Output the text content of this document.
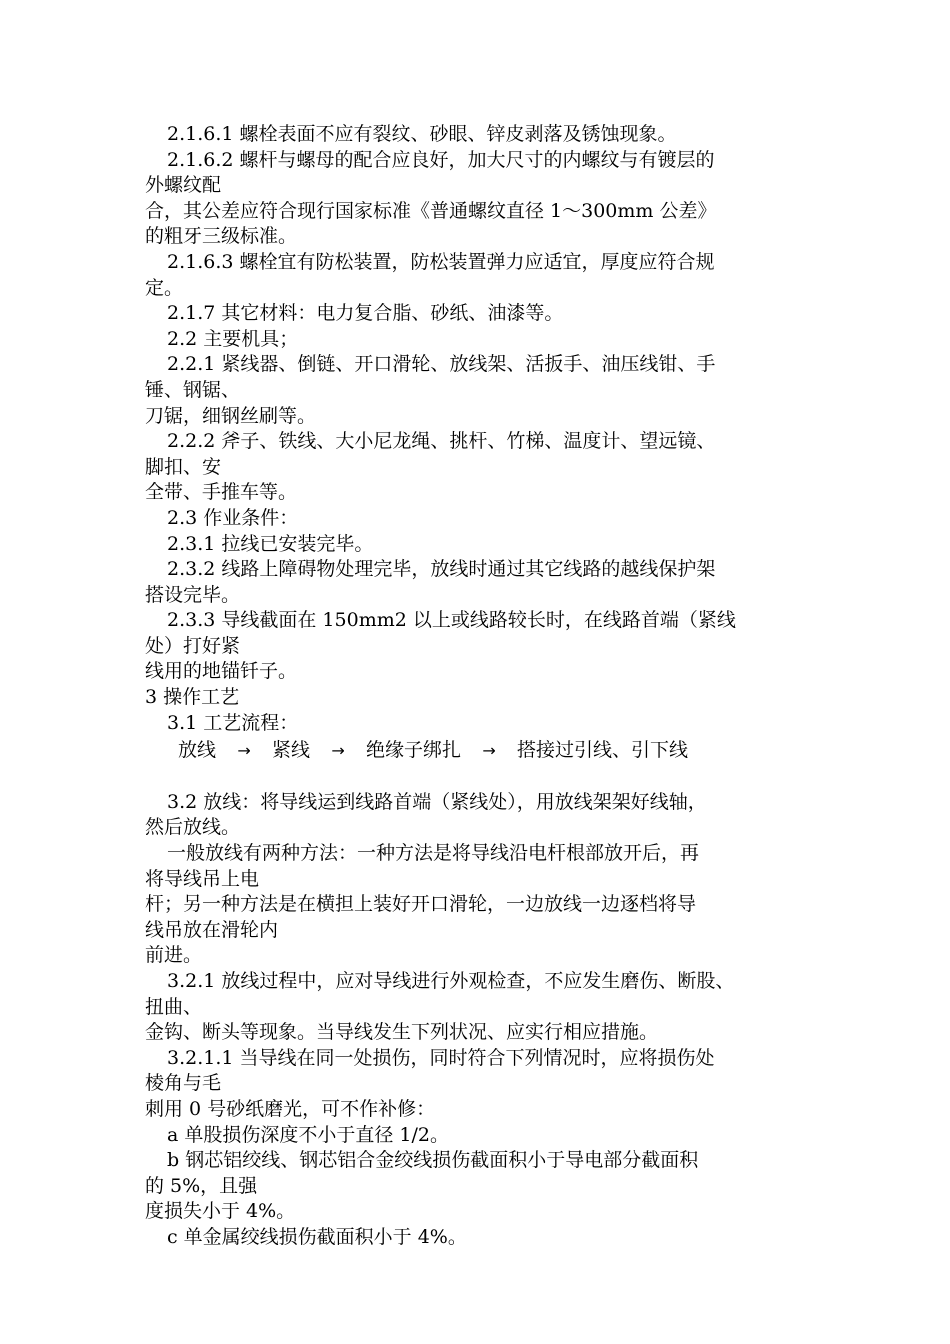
2.1.6.1 螺栓表面不应有裂纹、砂眼、锌皮剥落及锈蚀现象。
2.1.6.2 螺杆与螺母的配合应良好，加大尺寸的内螺纹与有镀层的
外螺纹配
合，其公差应符合现行国家标准《普通螺纹直径 1～300mm 公差》
的粗牙三级标准。
2.1.6.3 螺栓宜有防松装置，防松装置弹力应适宜，厚度应符合规
定。
2.1.7 其它材料：电力复合脂、砂纸、油漆等。
2.2 主要机具；
2.2.1 紧线器、倒链、开口滑轮、放线架、活扳手、油压线钳、手
锤、钢锯、
刀锯，细钢丝刷等。
2.2.2 斧子、铁线、大小尼龙绳、挑杆、竹梯、温度计、望远镜、
脚扣、安
全带、手推车等。
2.3 作业条件：
2.3.1 拉线已安装完毕。
2.3.2 线路上障碍物处理完毕，放线时通过其它线路的越线保护架
搭设完毕。
2.3.3 导线截面在 150mm2 以上或线路较长时，在线路首端（紧线
处）打好紧
线用的地锚钎子。
3 操作工艺
3.1 工艺流程：
放线	→	紧线	→	绝缘子绑扎	→	搭接过引线、引下线
3.2 放线：将导线运到线路首端（紧线处），用放线架架好线轴，
然后放线。
一般放线有两种方法：一种方法是将导线沿电杆根部放开后，再
将导线吊上电
杆；另一种方法是在横担上装好开口滑轮，一边放线一边逐档将导
线吊放在滑轮内
前进。
3.2.1 放线过程中，应对导线进行外观检查，不应发生磨伤、断股、
扭曲、
金钩、断头等现象。当导线发生下列状况、应实行相应措施。
3.2.1.1 当导线在同一处损伤，同时符合下列情况时，应将损伤处
棱角与毛
刺用 0 号砂纸磨光，可不作补修：
a 单股损伤深度不小于直径 1/2。
b 钢芯铝绞线、钢芯铝合金绞线损伤截面积小于导电部分截面积
的 5%，且强
度损失小于 4%。
c 单金属绞线损伤截面积小于 4%。
